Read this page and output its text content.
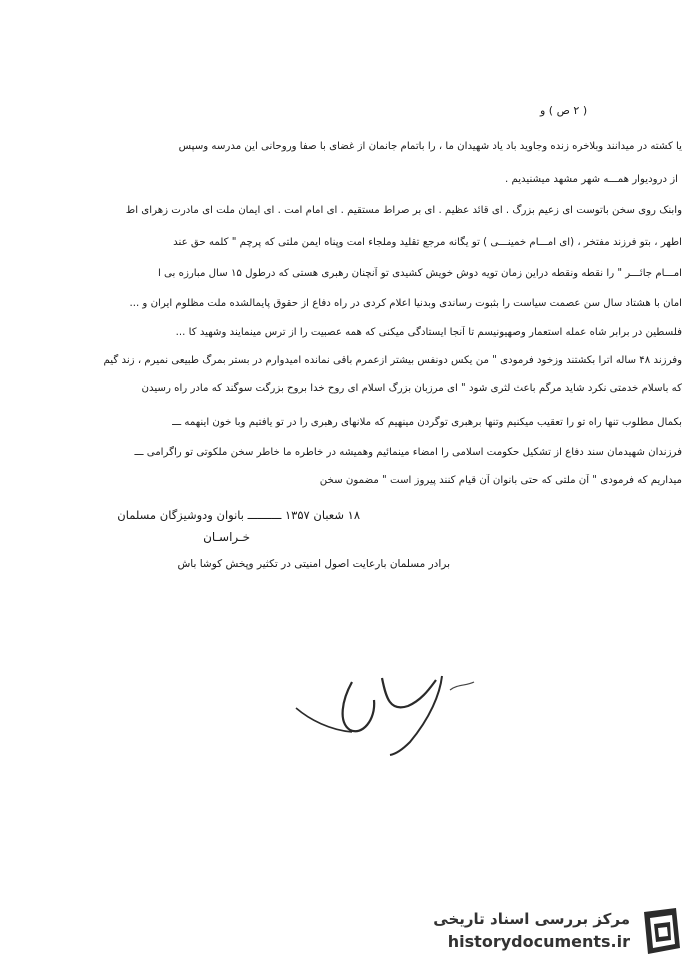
( ۲ ص ) و
یا کشته در میدانند وبلاخره زنده وجاوید باد یاد شهیدان ما ، را باتمام جانمان از غضای با صفا وروحانی این مدرسه وسپس
از درودیوار همـــه شهر مشهد میشنیدیم .
وابنک روی سخن باتوست ای زعیم بزرگ . ای قائد عظیم . ای بر صراط مستقیم . ای امام امت . ای ایمان ملت ای مادرت زهرای اط
اطهر ، بتو فرزند مفتخر ، (ای امـــام خمینـــی ) تو یگانه مرجع تقلید وملجاء امت وپناه ایمن ملتی که پرچم " کلمه حق عند
امـــام جائـــر " را نقطه ونقطه دراین زمان تویه دوش خویش کشیدی تو آنچنان رهبری هستی که درطول ۱۵ سال مبارزه بی ا
امان با هشتاد سال سن عصمت سیاست را بثبوت رساندی وبدنیا اعلام کردی در راه دفاع از حقوق پایمالشده ملت مظلوم ایران و ...
فلسطین در برابر شاه عمله استعمار وصهیونیسم تا آنجا ایستادگی میکنی که همه عصبیت را از ترس مینمایند وشهید کا ...
وفرزند ۴۸ ساله اترا بکشتند وزخود فرمودی " من یکس دونفس بیشتر ازعمرم باقی نمانده امیدوارم در بستر بمرگ طبیعی نمیرم ، زند گیم
که باسلام خدمتی نکرد شاید مرگم باعث لثری شود " ای مرزبان بزرگ اسلام ای روح خدا بروح بزرگت سوگند که مادر راه رسیدن
بکمال مطلوب تنها راه تو را تعقیب میکنیم وتنها برهبری توگردن مینهیم که ملانهای رهبری را در تو یافتیم وبا خون اینهمه ـــ
فرزندان شهیدمان سند دفاع از تشکیل حکومت اسلامی را امضاء مینمائیم وهمیشه در خاطره ما خاطر سخن ملکوتی تو راگرامی ـــ
میداریم که فرمودی " آن ملتی که حتی بانوان آن قیام کنند پیروز است " مضمون سخن
۱۸ شعبان ۱۳۵۷ ــــــــــ بانوان ودوشیزگان مسلمان
خـراسـان
برادر مسلمان بارعایت اصول امنیتی در تکثیر وپخش کوشا باش
مرکز بررسی اسناد تاریخی
historydocuments.ir
